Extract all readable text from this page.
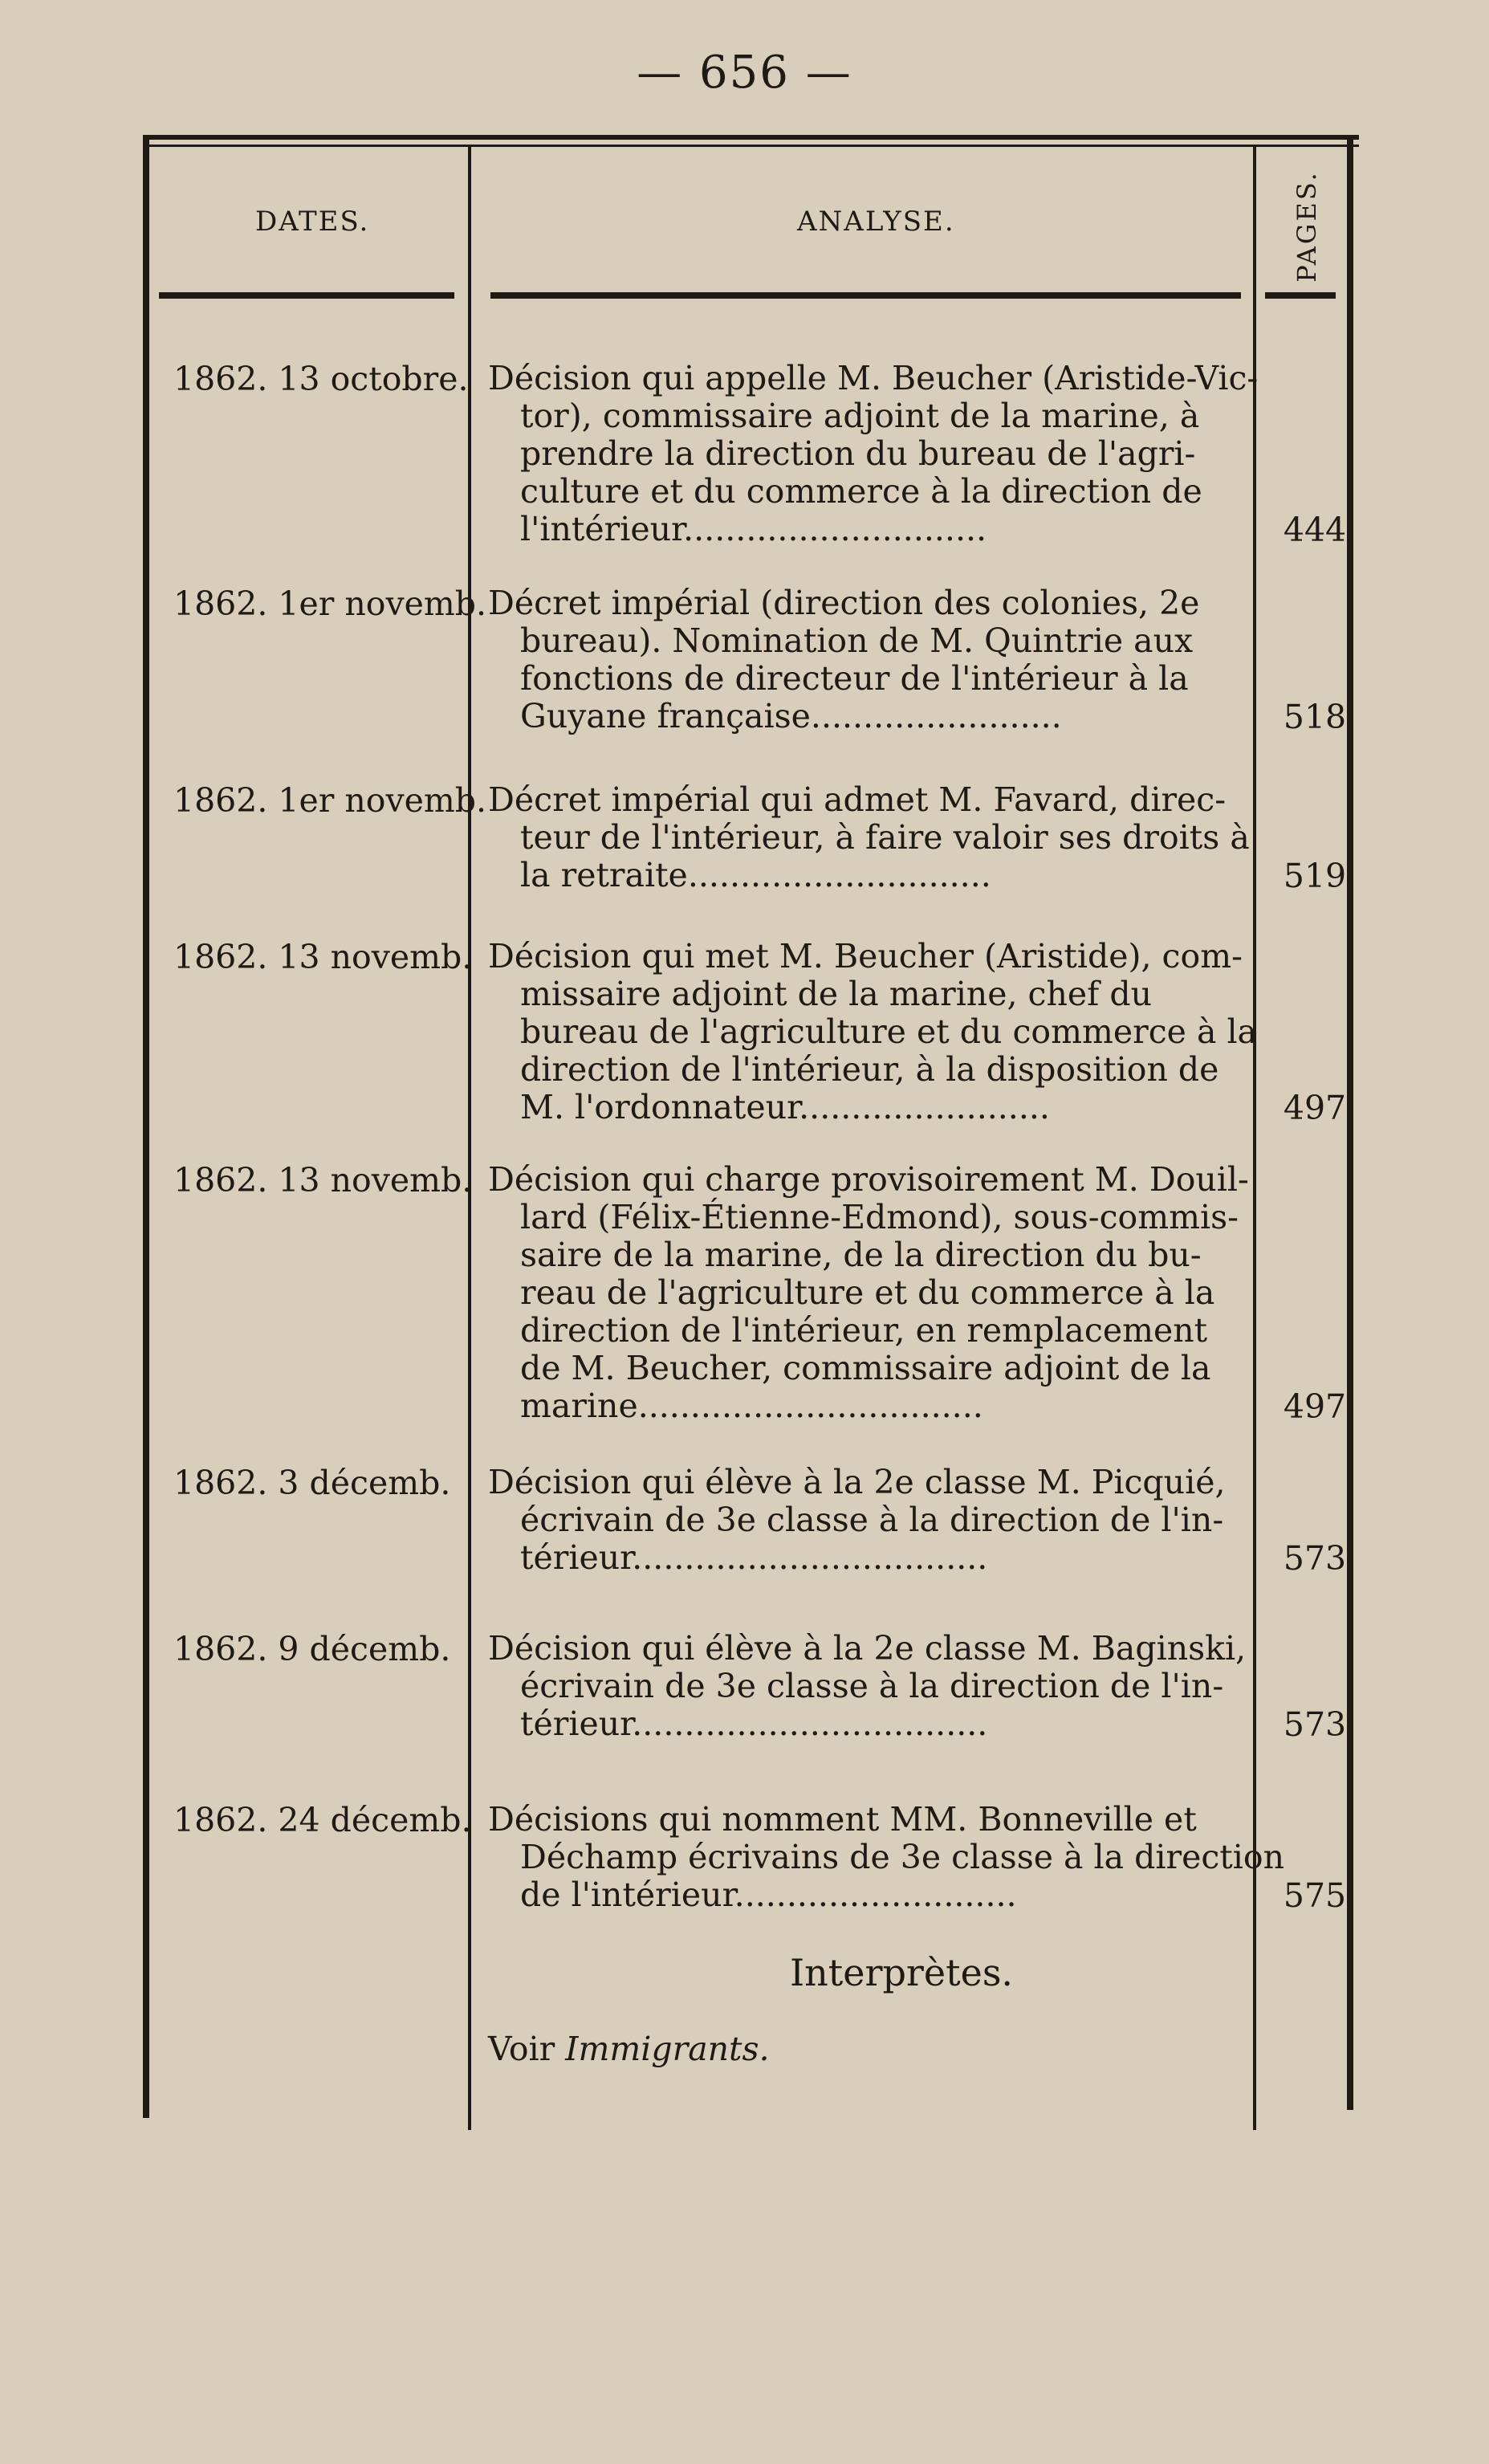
— 656 —
DATES.	ANALYSE.	PAGES.
1862. 13 octobre. Décision qui appelle M. Beucher (Aristide-Vic-
tor), commissaire adjoint de la marine, à
prendre la direction du bureau de l'agri-
culture et du commerce à la direction de
l'intérieur.............................	444
1862. 1er novemb. Décret impérial (direction des colonies, 2e
bureau). Nomination de M. Quintrie aux
fonctions de directeur de l'intérieur à la
Guyane française........................	518
1862. 1er novemb. Décret impérial qui admet M. Favard, direc-
teur de l'intérieur, à faire valoir ses droits à
la retraite.............................	519
1862. 13 novemb. Décision qui met M. Beucher (Aristide), com-
missaire adjoint de la marine, chef du
bureau de l'agriculture et du commerce à la
direction de l'intérieur, à la disposition de
M. l'ordonnateur........................	497
1862. 13 novemb. Décision qui charge provisoirement M. Douil-
lard (Félix-Étienne-Edmond), sous-commis-
saire de la marine, de la direction du bu-
reau de l'agriculture et du commerce à la
direction de l'intérieur, en remplacement
de M. Beucher, commissaire adjoint de la
marine.................................	497
1862. 3 décemb.	Décision qui élève à la 2e classe M. Picquié,
écrivain de 3e classe à la direction de l'in-
térieur..................................	573
1862. 9 décemb.	Décision qui élève à la 2e classe M. Baginski,
écrivain de 3e classe à la direction de l'in-
térieur..................................	573
1862. 24 décemb. Décisions qui nomment MM. Bonneville et
Déchamp écrivains de 3e classe à la direction
de l'intérieur...........................	575
Interprètes.
Voir Immigrants.
